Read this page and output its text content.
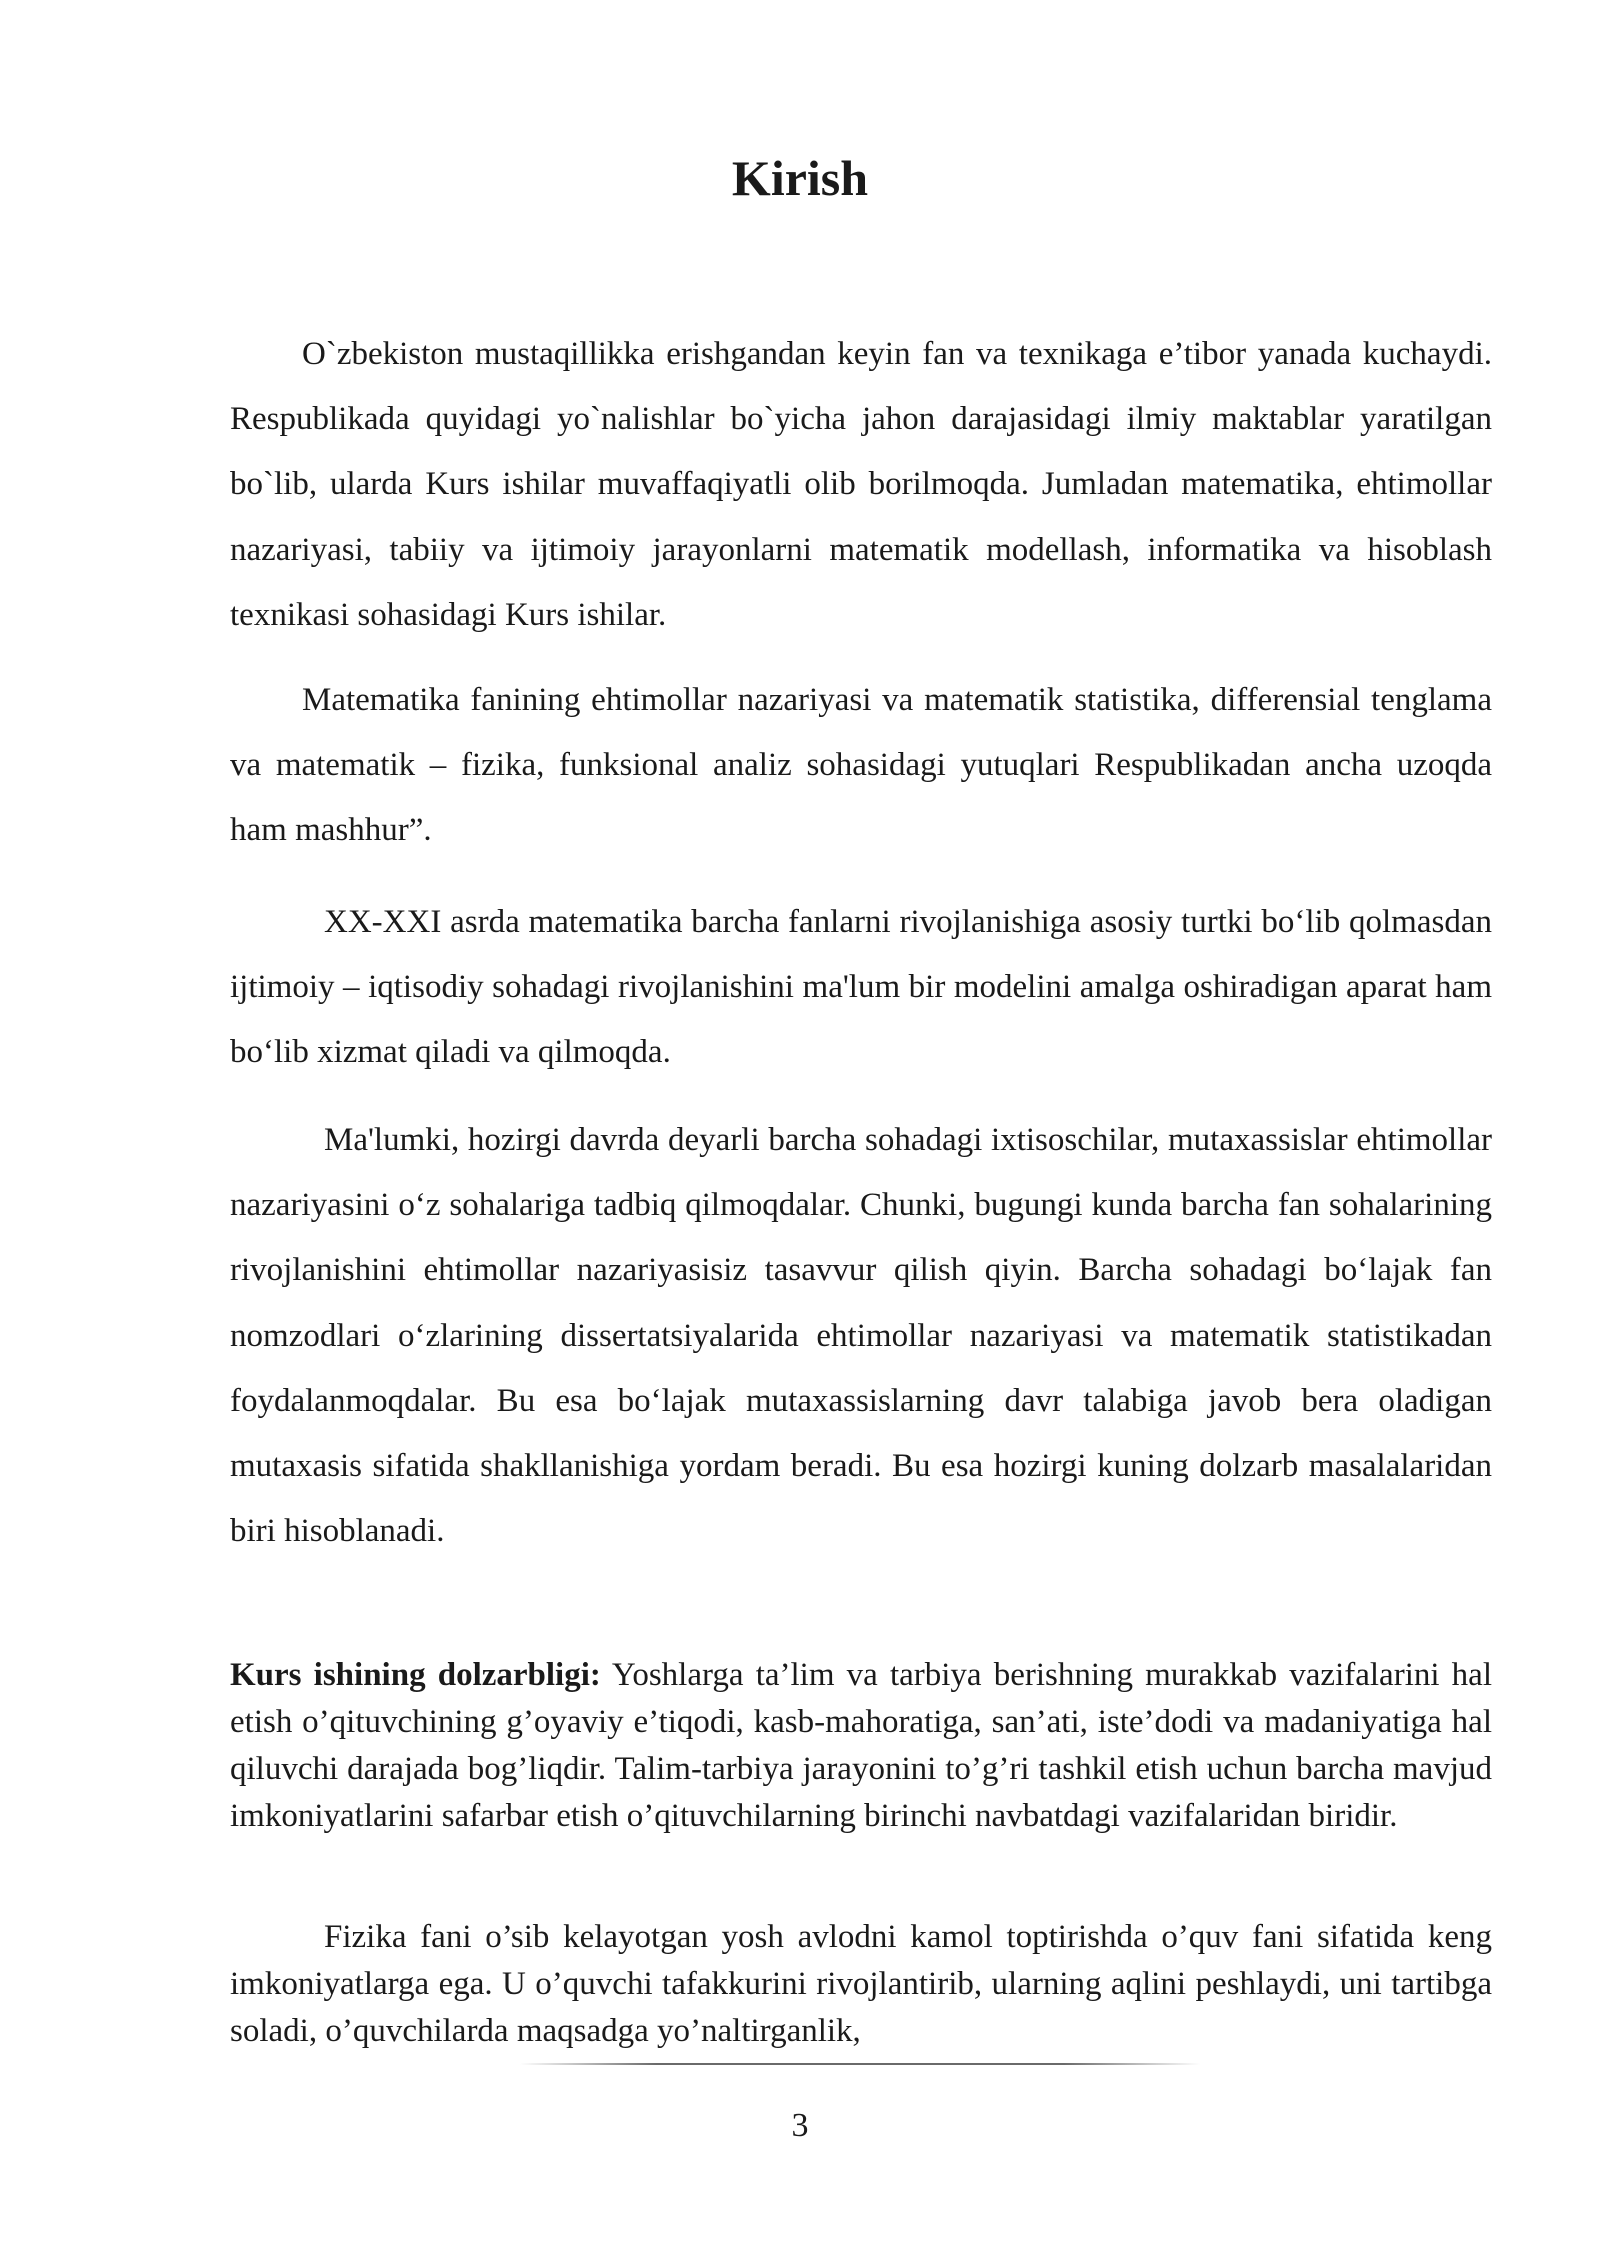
Kirish

O`zbekiston mustaqillikka erishgandan keyin fan va texnikaga e’tibor yanada kuchaydi. Respublikada quyidagi yo`nalishlar bo`yicha jahon darajasidagi ilmiy maktablar yaratilgan bo`lib, ularda Kurs ishilar muvaffaqiyatli olib borilmoqda. Jumladan matematika, ehtimollar nazariyasi, tabiiy va ijtimoiy jarayonlarni matematik modellash, informatika va hisoblash texnikasi sohasidagi Kurs ishilar.

Matematika fanining ehtimollar nazariyasi va matematik statistika, differensial tenglama va matematik – fizika, funksional analiz sohasidagi yutuqlari Respublikadan ancha uzoqda ham mashhur”.

XX-XXI asrda matematika barcha fanlarni rivojlanishiga asosiy turtki bo‘lib qolmasdan ijtimoiy – iqtisodiy sohadagi rivojlanishini ma'lum bir modelini amalga oshiradigan aparat ham bo‘lib xizmat qiladi va qilmoqda.

Ma'lumki, hozirgi davrda deyarli barcha sohadagi ixtisoschilar, mutaxassislar ehtimollar nazariyasini o‘z sohalariga tadbiq qilmoqdalar. Chunki, bugungi kunda barcha fan sohalarining rivojlanishini ehtimollar nazariyasisiz tasavvur qilish qiyin. Barcha sohadagi bo‘lajak fan nomzodlari o‘zlarining dissertatsiyalarida ehtimollar nazariyasi va matematik statistikadan foydalanmoqdalar. Bu esa bo‘lajak mutaxassislarning davr talabiga javob bera oladigan mutaxasis sifatida shakllanishiga yordam beradi. Bu esa hozirgi kuning dolzarb masalalaridan biri hisoblanadi.

Kurs ishining dolzarbligi: Yoshlarga ta’lim va tarbiya berishning murakkab vazifalarini hal etish o’qituvchining g’oyaviy e’tiqodi, kasb-mahoratiga, san’ati, iste’dodi va madaniyatiga hal qiluvchi darajada bog’liqdir. Talim-tarbiya jarayonini to’g’ri tashkil etish uchun barcha mavjud imkoniyatlarini safarbar etish o’qituvchilarning birinchi navbatdagi vazifalaridan biridir.

Fizika fani o’sib kelayotgan yosh avlodni kamol toptirishda o’quv fani sifatida keng imkoniyatlarga ega. U o’quvchi tafakkurini rivojlantirib, ularning aqlini peshlaydi, uni tartibga soladi, o’quvchilarda maqsadga yo’naltirganlik,

3
